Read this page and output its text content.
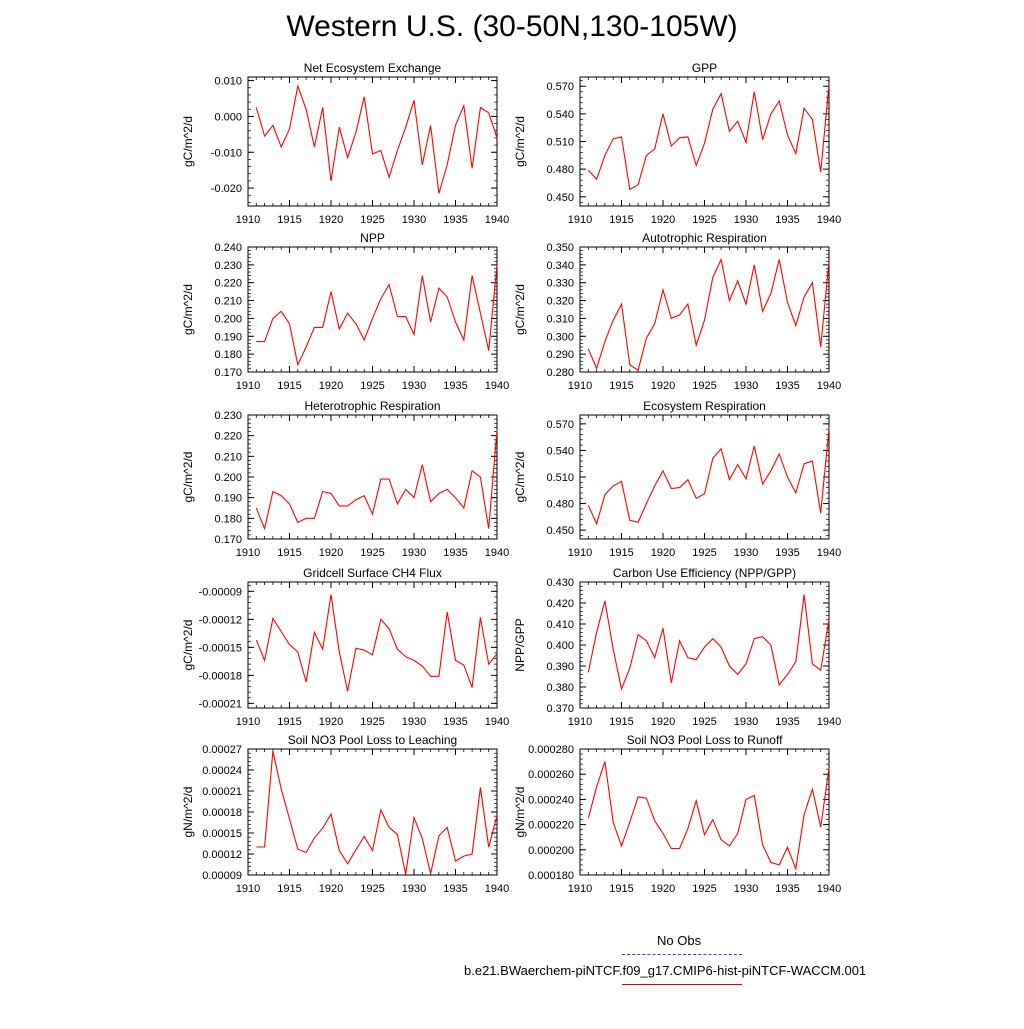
Western U.S. (30-50N,130-105W)
Net Ecosystem Exchange
gC/m^2/d
1910 1915 1920 1925 1930 1935 1940
0.010
0.000
-0.010
-0.020
GPP
gC/m^2/d
1910 1915 1920 1925 1930 1935 1940
0.570
0.540
0.510
0.480
0.450
NPP
gC/m^2/d
1910 1915 1920 1925 1930 1935 1940
0.240
0.230
0.220
0.210
0.200
0.190
0.180
0.170
Autotrophic Respiration
gC/m^2/d
1910 1915 1920 1925 1930 1935 1940
0.350
0.340
0.330
0.320
0.310
0.300
0.290
0.280
Heterotrophic Respiration
gC/m^2/d
1910 1915 1920 1925 1930 1935 1940
0.230
0.220
0.210
0.200
0.190
0.180
0.170
Ecosystem Respiration
gC/m^2/d
1910 1915 1920 1925 1930 1935 1940
0.570
0.540
0.510
0.480
0.450
Gridcell Surface CH4 Flux
gC/m^2/d
1910 1915 1920 1925 1930 1935 1940
-0.00009
-0.00012
-0.00015
-0.00018
-0.00021
Carbon Use Efficiency (NPP/GPP)
NPP/GPP
1910 1915 1920 1925 1930 1935 1940
0.430
0.420
0.410
0.400
0.390
0.380
0.370
Soil NO3 Pool Loss to Leaching
gN/m^2/d
1910 1915 1920 1925 1930 1935 1940
0.00027
0.00024
0.00021
0.00018
0.00015
0.00012
0.00009
Soil NO3 Pool Loss to Runoff
gN/m^2/d
1910 1915 1920 1925 1930 1935 1940
0.000280
0.000260
0.000240
0.000220
0.000200
0.000180
No Obs
b.e21.BWaerchem-piNTCF.f09_g17.CMIP6-hist-piNTCF-WACCM.001
